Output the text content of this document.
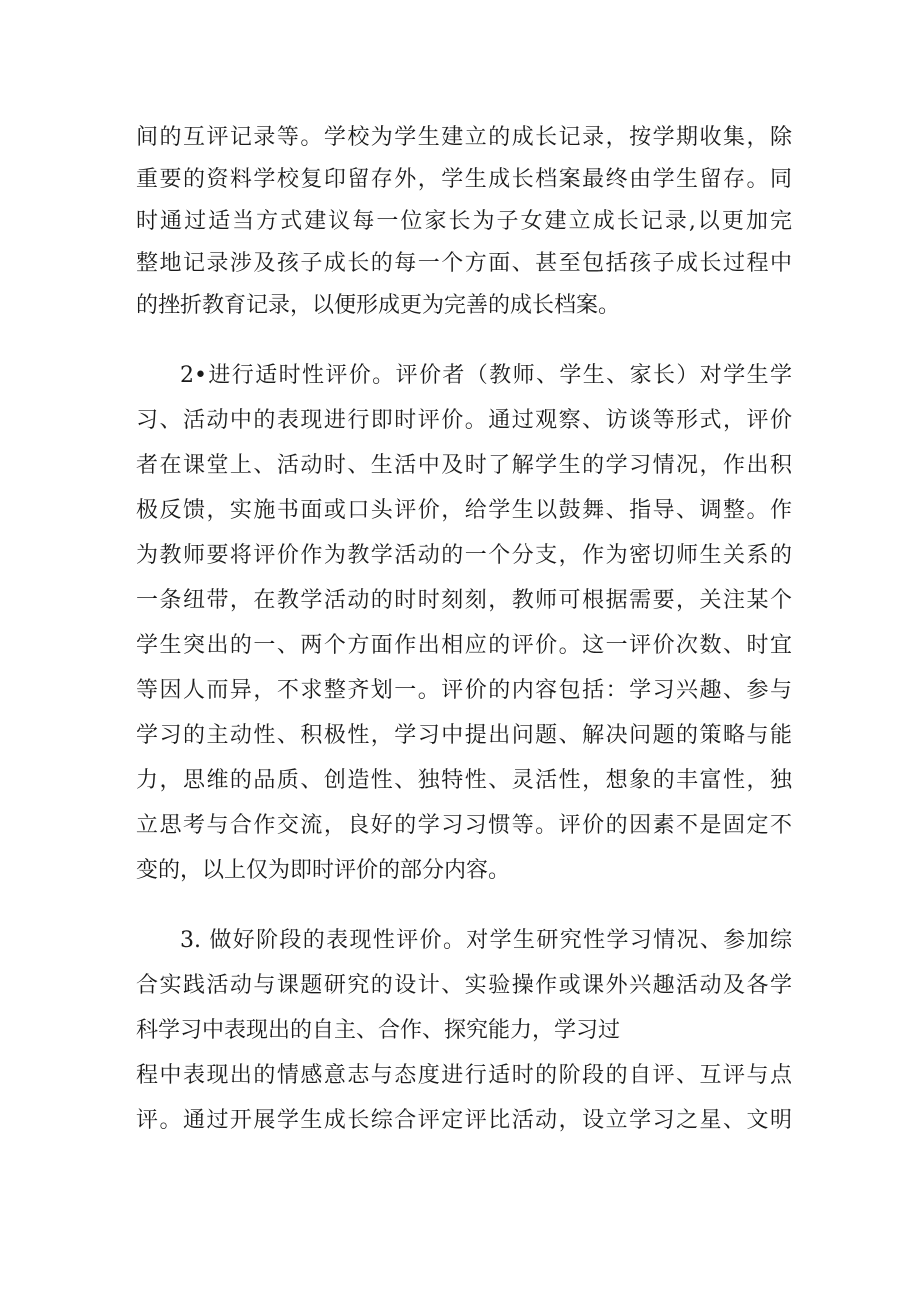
间的互评记录等。学校为学生建立的成长记录，按学期收集，除
重要的资料学校复印留存外，学生成长档案最终由学生留存。同
时通过适当方式建议每一位家长为子女建立成长记录,以更加完
整地记录涉及孩子成长的每一个方面、甚至包括孩子成长过程中
的挫折教育记录，以便形成更为完善的成长档案。
2•进行适时性评价。评价者（教师、学生、家长）对学生学
习、活动中的表现进行即时评价。通过观察、访谈等形式，评价
者在课堂上、活动时、生活中及时了解学生的学习情况，作出积
极反馈，实施书面或口头评价，给学生以鼓舞、指导、调整。作
为教师要将评价作为教学活动的一个分支，作为密切师生关系的
一条纽带，在教学活动的时时刻刻，教师可根据需要，关注某个
学生突出的一、两个方面作出相应的评价。这一评价次数、时宜
等因人而异，不求整齐划一。评价的内容包括：学习兴趣、参与
学习的主动性、积极性，学习中提出问题、解决问题的策略与能
力，思维的品质、创造性、独特性、灵活性，想象的丰富性，独
立思考与合作交流，良好的学习习惯等。评价的因素不是固定不
变的，以上仅为即时评价的部分内容。
3. 做好阶段的表现性评价。对学生研究性学习情况、参加综
合实践活动与课题研究的设计、实验操作或课外兴趣活动及各学
科学习中表现出的自主、合作、探究能力，学习过
程中表现出的情感意志与态度进行适时的阶段的自评、互评与点
评。通过开展学生成长综合评定评比活动，设立学习之星、文明
